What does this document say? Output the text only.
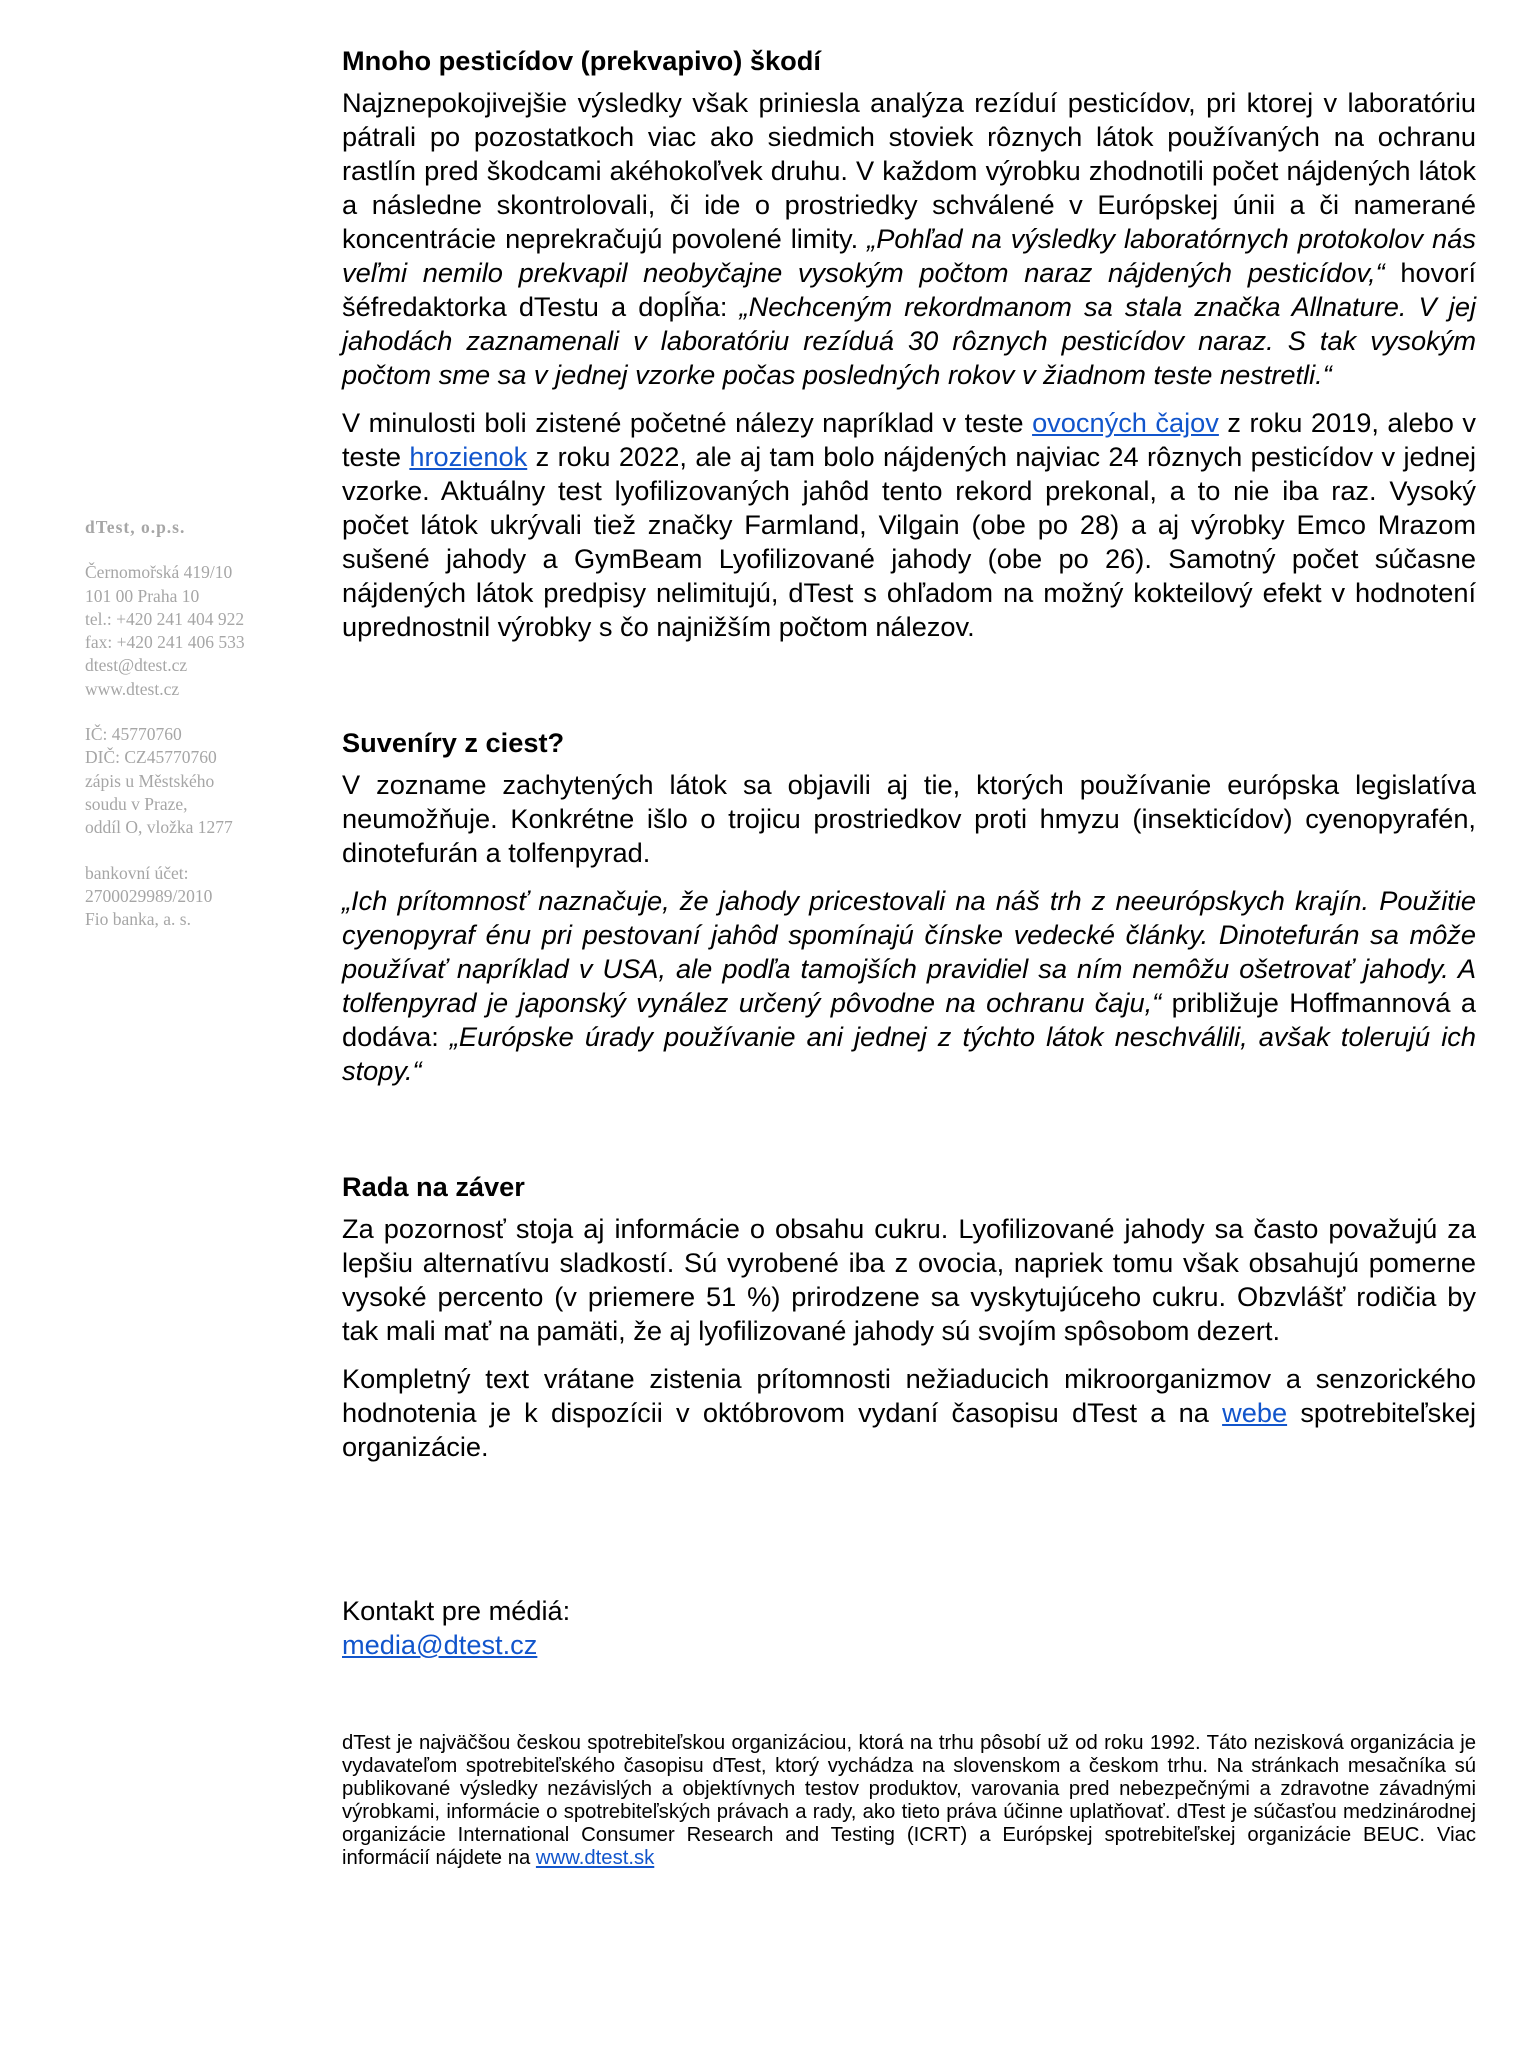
dTest, o.p.s.
Černomořská 419/10
101 00 Praha 10
tel.: +420 241 404 922
fax: +420 241 406 533
dtest@dtest.cz
www.dtest.cz
IČ: 45770760
DIČ: CZ45770760
zápis u Městského
soudu v Praze,
oddíl O, vložka 1277
bankovní účet:
2700029989/2010
Fio banka, a. s.
Mnoho pesticídov (prekvapivo) škodí

Najznepokojivejšie výsledky však priniesla analýza rezíduí pesticídov, pri ktorej v laboratóriu pátrali po pozostatkoch viac ako siedmich stoviek rôznych látok používaných na ochranu rastlín pred škodcami akéhokoľvek druhu. V každom výrobku zhodnotili počet nájdených látok a následne skontrolovali, či ide o prostriedky schválené v Európskej únii a či namerané koncentrácie neprekračujú povolené limity. „Pohľad na výsledky laboratórnych protokolov nás veľmi nemilo prekvapil neobyčajne vysokým počtom naraz nájdených pesticídov,“ hovorí šéfredaktorka dTestu a dopĺňa: „Nechceným rekordmanom sa stala značka Allnature. V jej jahodách zaznamenali v laboratóriu rezíduá 30 rôznych pesticídov naraz. S tak vysokým počtom sme sa v jednej vzorke počas posledných rokov v žiadnom teste nestretli.“

V minulosti boli zistené početné nálezy napríklad v teste ovocných čajov z roku 2019, alebo v teste hrozienok z roku 2022, ale aj tam bolo nájdených najviac 24 rôznych pesticídov v jednej vzorke. Aktuálny test lyofilizovaných jahôd tento rekord prekonal, a to nie iba raz. Vysoký počet látok ukrývali tiež značky Farmland, Vilgain (obe po 28) a aj výrobky Emco Mrazom sušené jahody a GymBeam Lyofilizované jahody (obe po 26). Samotný počet súčasne nájdených látok predpisy nelimitujú, dTest s ohľadom na možný kokteilový efekt v hodnotení uprednostnil výrobky s čo najnižším počtom nálezov.

Suveníry z ciest?

V zozname zachytených látok sa objavili aj tie, ktorých používanie európska legislatíva neumožňuje. Konkrétne išlo o trojicu prostriedkov proti hmyzu (insekticídov) cyenopyrafén, dinotefurán a tolfenpyrad.

„Ich prítomnosť naznačuje, že jahody pricestovali na náš trh z neeurópskych krajín. Použitie cyenopyraf énu pri pestovaní jahôd spomínajú čínske vedecké články. Dinotefurán sa môže používať napríklad v USA, ale podľa tamojších pravidiel sa ním nemôžu ošetrovať jahody. A tolfenpyrad je japonský vynález určený pôvodne na ochranu čaju,“ približuje Hoffmannová a dodáva: „Európske úrady používanie ani jednej z týchto látok neschválili, avšak tolerujú ich stopy.“

Rada na záver

Za pozornosť stoja aj informácie o obsahu cukru. Lyofilizované jahody sa často považujú za lepšiu alternatívu sladkostí. Sú vyrobené iba z ovocia, napriek tomu však obsahujú pomerne vysoké percento (v priemere 51 %) prirodzene sa vyskytujúceho cukru. Obzvlášť rodičia by tak mali mať na pamäti, že aj lyofilizované jahody sú svojím spôsobom dezert.

Kompletný text vrátane zistenia prítomnosti nežiaducich mikroorganizmov a senzorického hodnotenia je k dispozícii v októbrovom vydaní časopisu dTest a na webe spotrebiteľskej organizácie.

Kontakt pre médiá:

media@dtest.cz

dTest je najväčšou českou spotrebiteľskou organizáciou, ktorá na trhu pôsobí už od roku 1992. Táto nezisková organizácia je vydavateľom spotrebiteľského časopisu dTest, ktorý vychádza na slovenskom a českom trhu. Na stránkach mesačníka sú publikované výsledky nezávislých a objektívnych testov produktov, varovania pred nebezpečnými a zdravotne závadnými výrobkami, informácie o spotrebiteľských právach a rady, ako tieto práva účinne uplatňovať. dTest je súčasťou medzinárodnej organizácie International Consumer Research and Testing (ICRT) a Európskej spotrebiteľskej organizácie BEUC. Viac informácií nájdete na www.dtest.sk
